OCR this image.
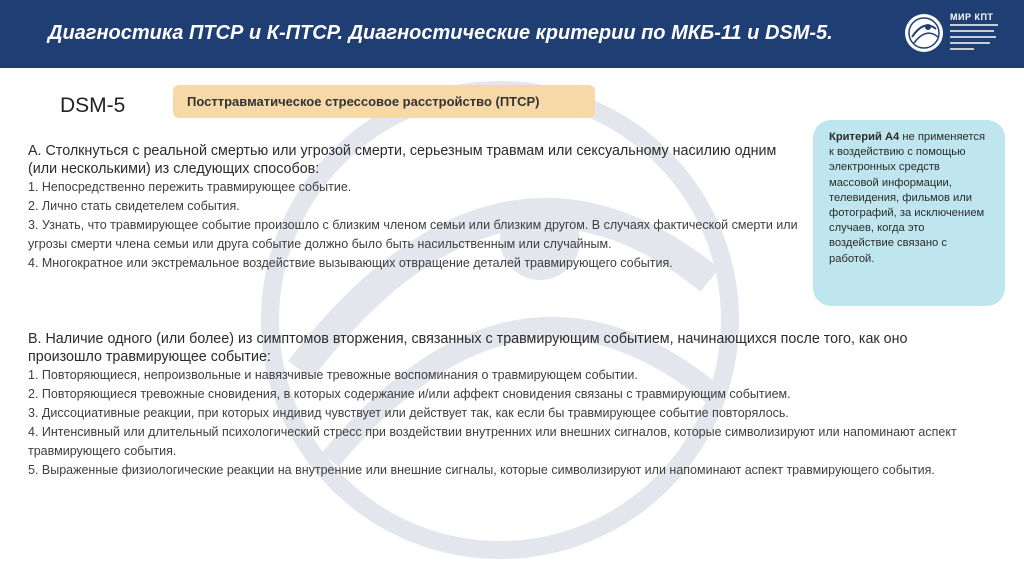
Диагностика ПТСР и К-ПТСР. Диагностические критерии по МКБ-11 и DSM-5.
МИР КПТ
DSM-5	Посттравматическое стрессовое расстройство (ПТСР)
Критерий А4 не применяется к воздействию с помощью электронных средств массовой информации, телевидения, фильмов или фотографий, за исключением случаев, когда это воздействие связано с работой.
А. Столкнуться с реальной смертью или угрозой смерти, серьезным травмам или сексуальному насилию одним (или несколькими) из следующих способов:
1. Непосредственно пережить травмирующее событие.
2. Лично стать свидетелем события.
3. Узнать, что травмирующее событие произошло с близким членом семьи или близким другом. В случаях фактической смерти или угрозы смерти члена семьи или друга событие должно было быть насильственным или случайным.
4. Многократное или экстремальное воздействие вызывающих отвращение деталей травмирующего события.
В. Наличие одного (или более) из симптомов вторжения, связанных с травмирующим событием, начинающихся после того, как оно произошло травмирующее событие:
1. Повторяющиеся, непроизвольные и навязчивые тревожные воспоминания о травмирующем событии.
2. Повторяющиеся тревожные сновидения, в которых содержание и/или аффект сновидения связаны с травмирующим событием.
3. Диссоциативные реакции, при которых индивид чувствует или действует так, как если бы травмирующее событие повторялось.
4. Интенсивный или длительный психологический стресс при воздействии внутренних или внешних сигналов, которые символизируют или напоминают аспект травмирующего события.
5. Выраженные физиологические реакции на внутренние или внешние сигналы, которые символизируют или напоминают аспект травмирующего события.
